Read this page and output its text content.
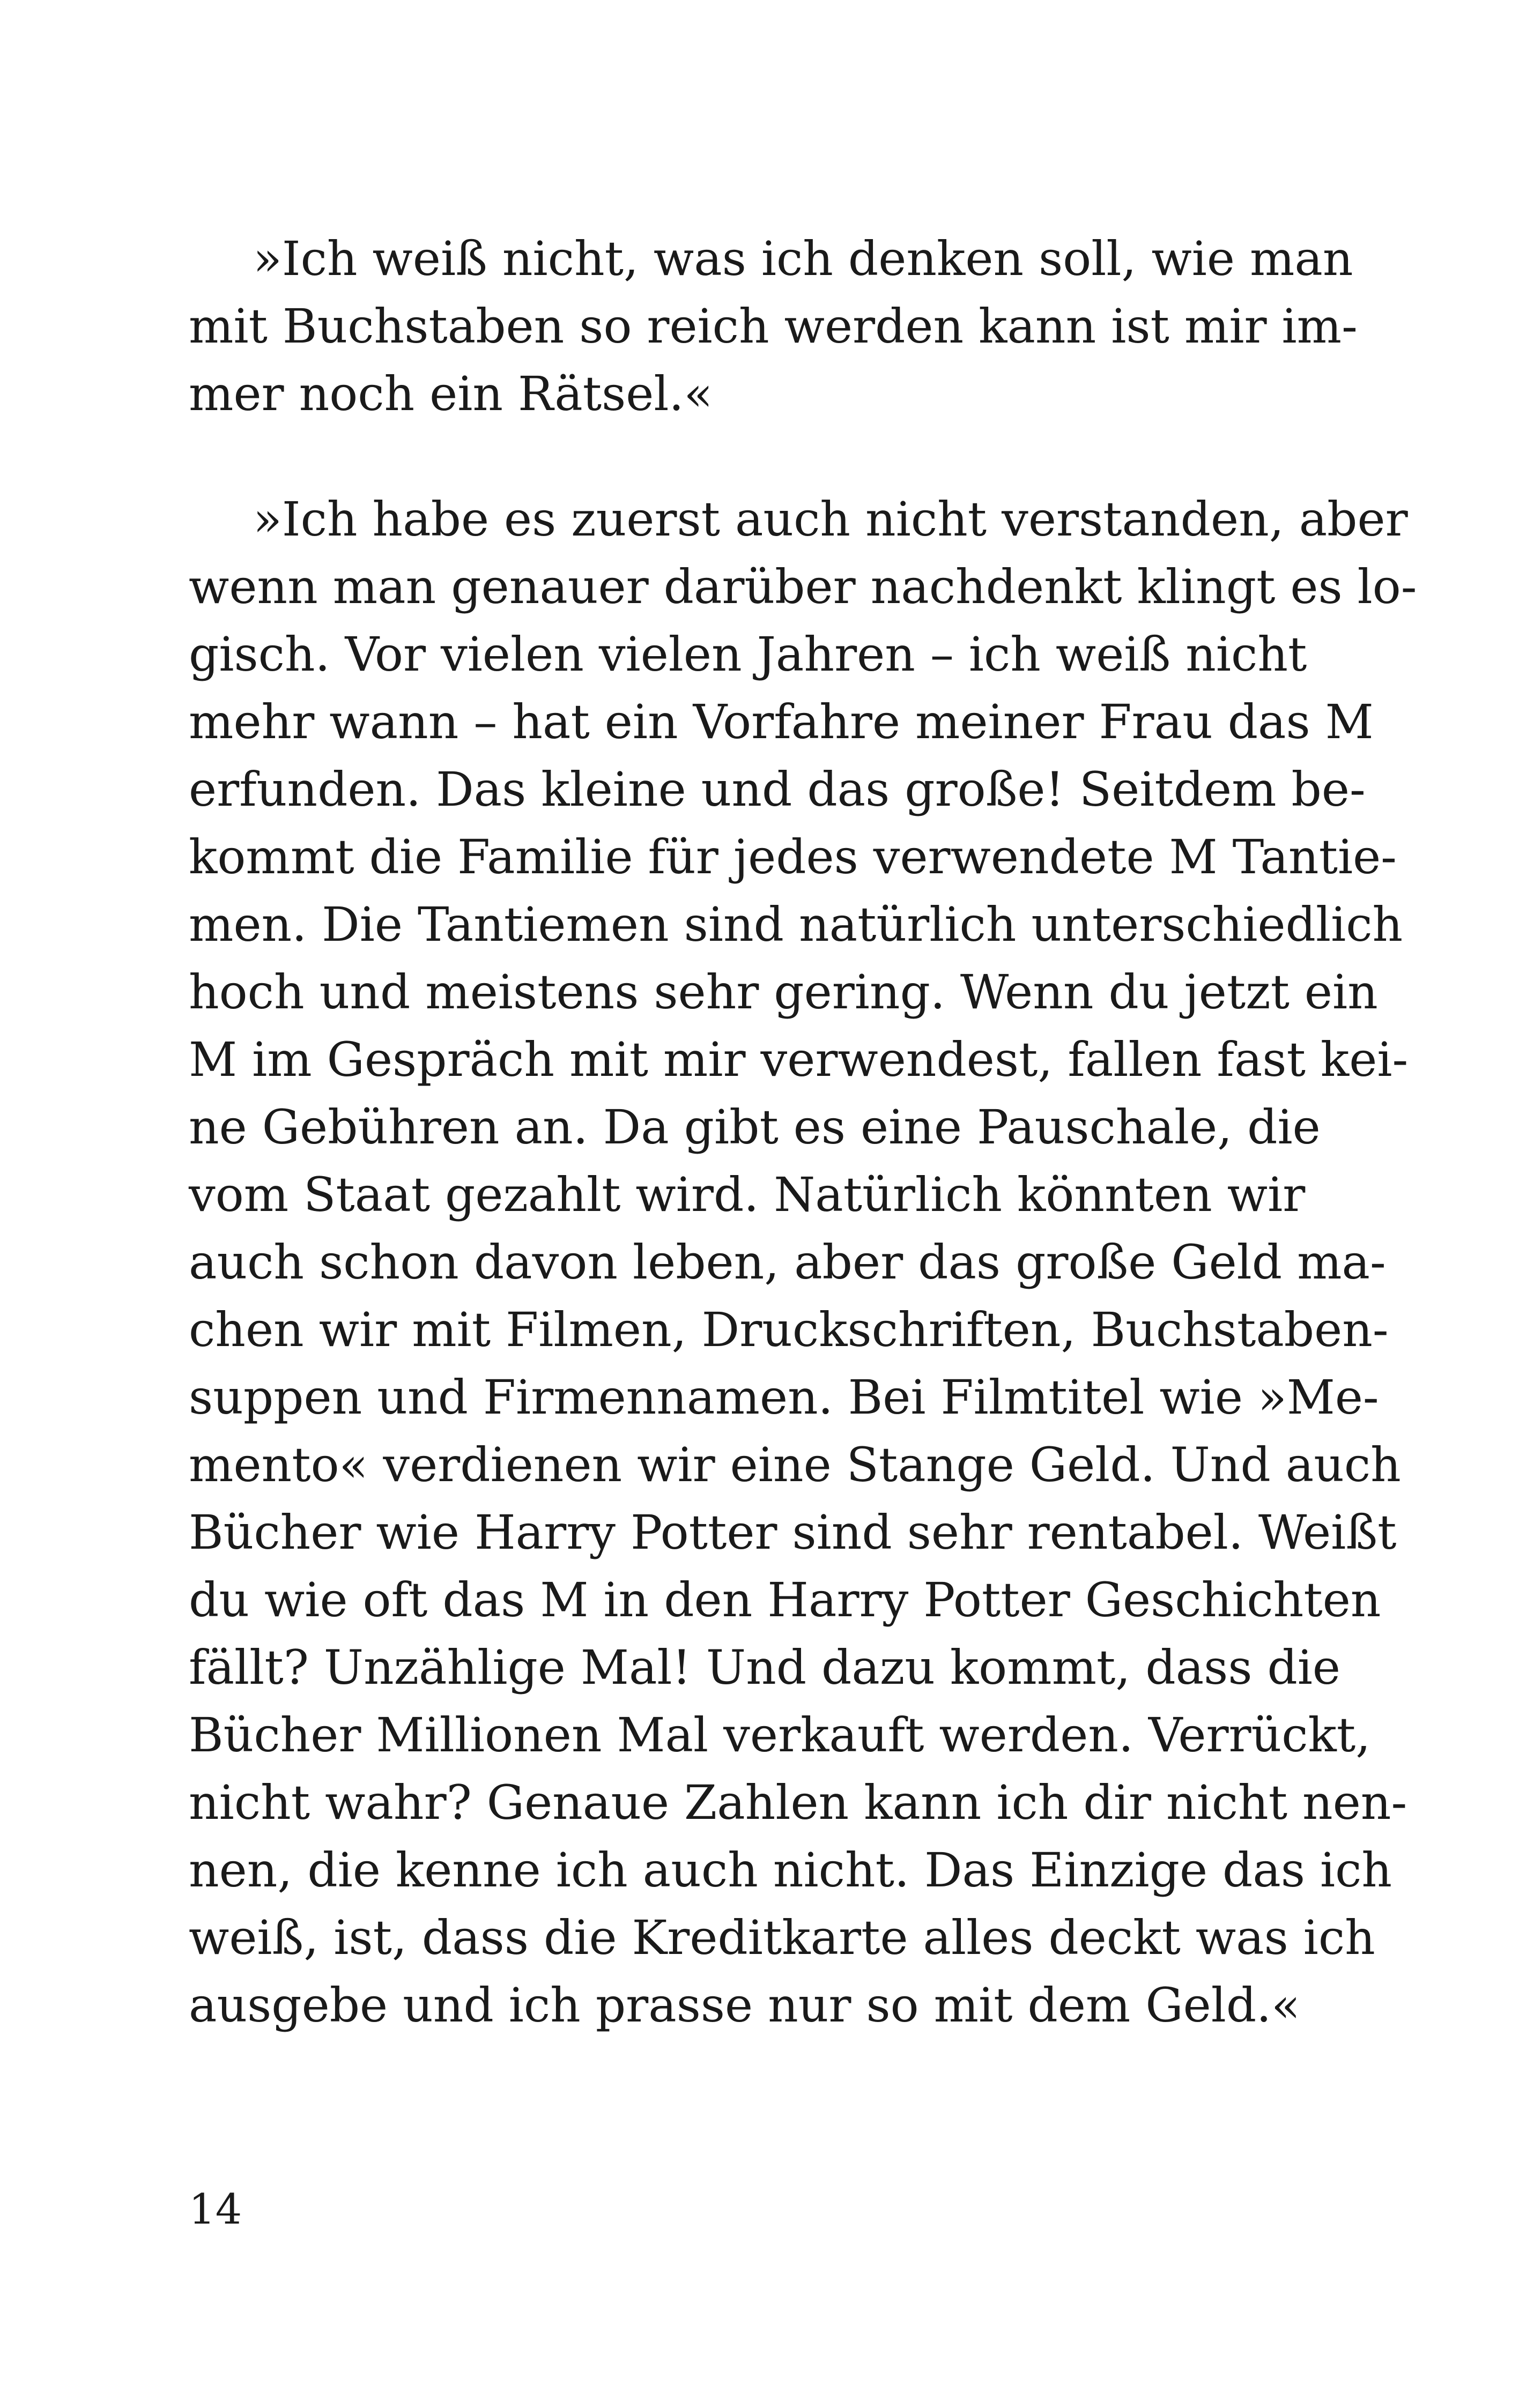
»Ich weiß nicht, was ich denken soll, wie man
mit Buchstaben so reich werden kann ist mir im-
mer noch ein Rätsel.«
»Ich habe es zuerst auch nicht verstanden, aber
wenn man genauer darüber nachdenkt klingt es lo-
gisch. Vor vielen vielen Jahren – ich weiß nicht
mehr wann – hat ein Vorfahre meiner Frau das M
erfunden. Das kleine und das große! Seitdem be-
kommt die Familie für jedes verwendete M Tantie-
men. Die Tantiemen sind natürlich unterschiedlich
hoch und meistens sehr gering. Wenn du jetzt ein
M im Gespräch mit mir verwendest, fallen fast kei-
ne Gebühren an. Da gibt es eine Pauschale, die
vom Staat gezahlt wird. Natürlich könnten wir
auch schon davon leben, aber das große Geld ma-
chen wir mit Filmen, Druckschriften, Buchstaben-
suppen und Firmennamen. Bei Filmtitel wie »Me-
mento« verdienen wir eine Stange Geld. Und auch
Bücher wie Harry Potter sind sehr rentabel. Weißt
du wie oft das M in den Harry Potter Geschichten
fällt? Unzählige Mal! Und dazu kommt, dass die
Bücher Millionen Mal verkauft werden. Verrückt,
nicht wahr? Genaue Zahlen kann ich dir nicht nen-
nen, die kenne ich auch nicht. Das Einzige das ich
weiß, ist, dass die Kreditkarte alles deckt was ich
ausgebe und ich prasse nur so mit dem Geld.«
14
